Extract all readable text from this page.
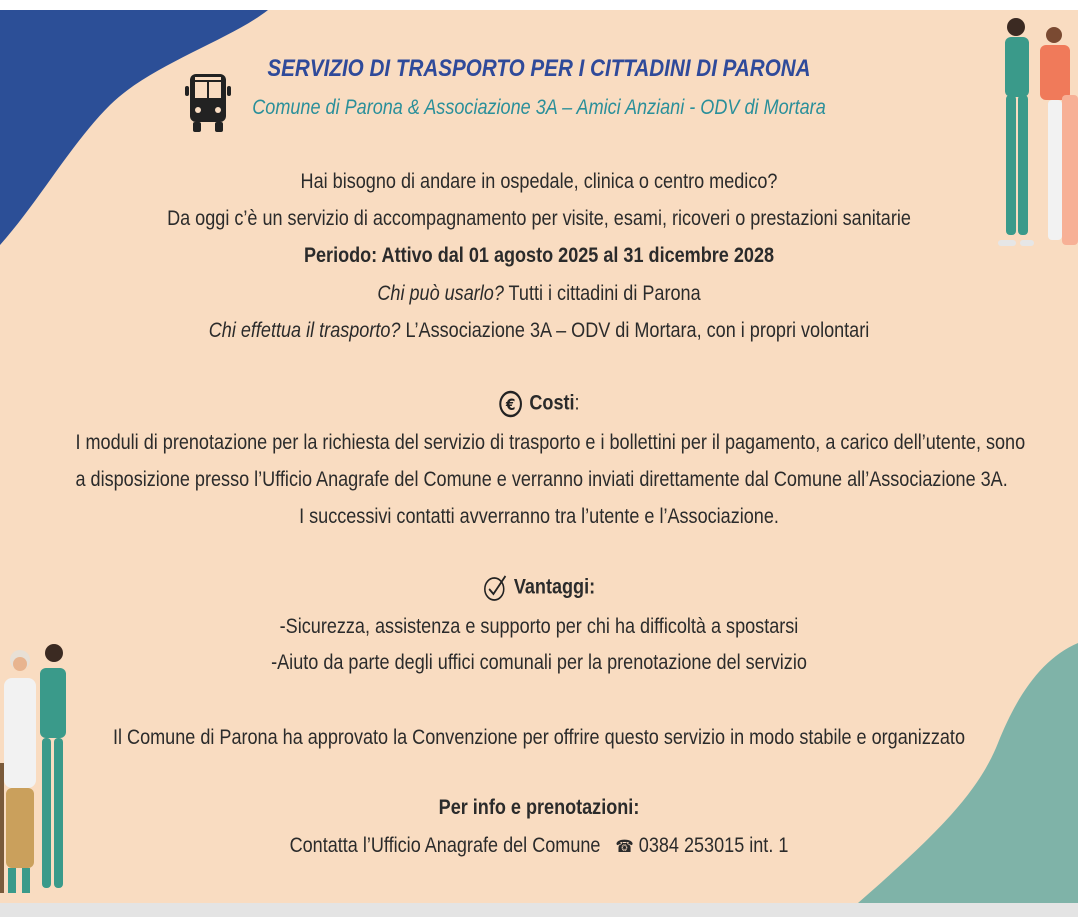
SERVIZIO DI TRASPORTO PER I CITTADINI DI PARONA
Comune di Parona & Associazione 3A – Amici Anziani - ODV di Mortara
Hai bisogno di andare in ospedale, clinica o centro medico?
Da oggi c’è un servizio di accompagnamento per visite, esami, ricoveri o prestazioni sanitarie
Periodo: Attivo dal 01 agosto 2025 al 31 dicembre 2028
Chi può usarlo? Tutti i cittadini di Parona
Chi effettua il trasporto? L’Associazione 3A – ODV di Mortara, con i propri volontari
€ Costi:
I moduli di prenotazione per la richiesta del servizio di trasporto e i bollettini per il pagamento, a carico dell’utente, sono
a disposizione presso l’Ufficio Anagrafe del Comune e verranno inviati direttamente dal Comune all’Associazione 3A.
I successivi contatti avverranno tra l’utente e l’Associazione.
Vantaggi:
-Sicurezza, assistenza e supporto per chi ha difficoltà a spostarsi
-Aiuto da parte degli uffici comunali per la prenotazione del servizio
Il Comune di Parona ha approvato la Convenzione per offrire questo servizio in modo stabile e organizzato
Per info e prenotazioni:
Contatta l’Ufficio Anagrafe del Comune ☎ 0384 253015 int. 1
